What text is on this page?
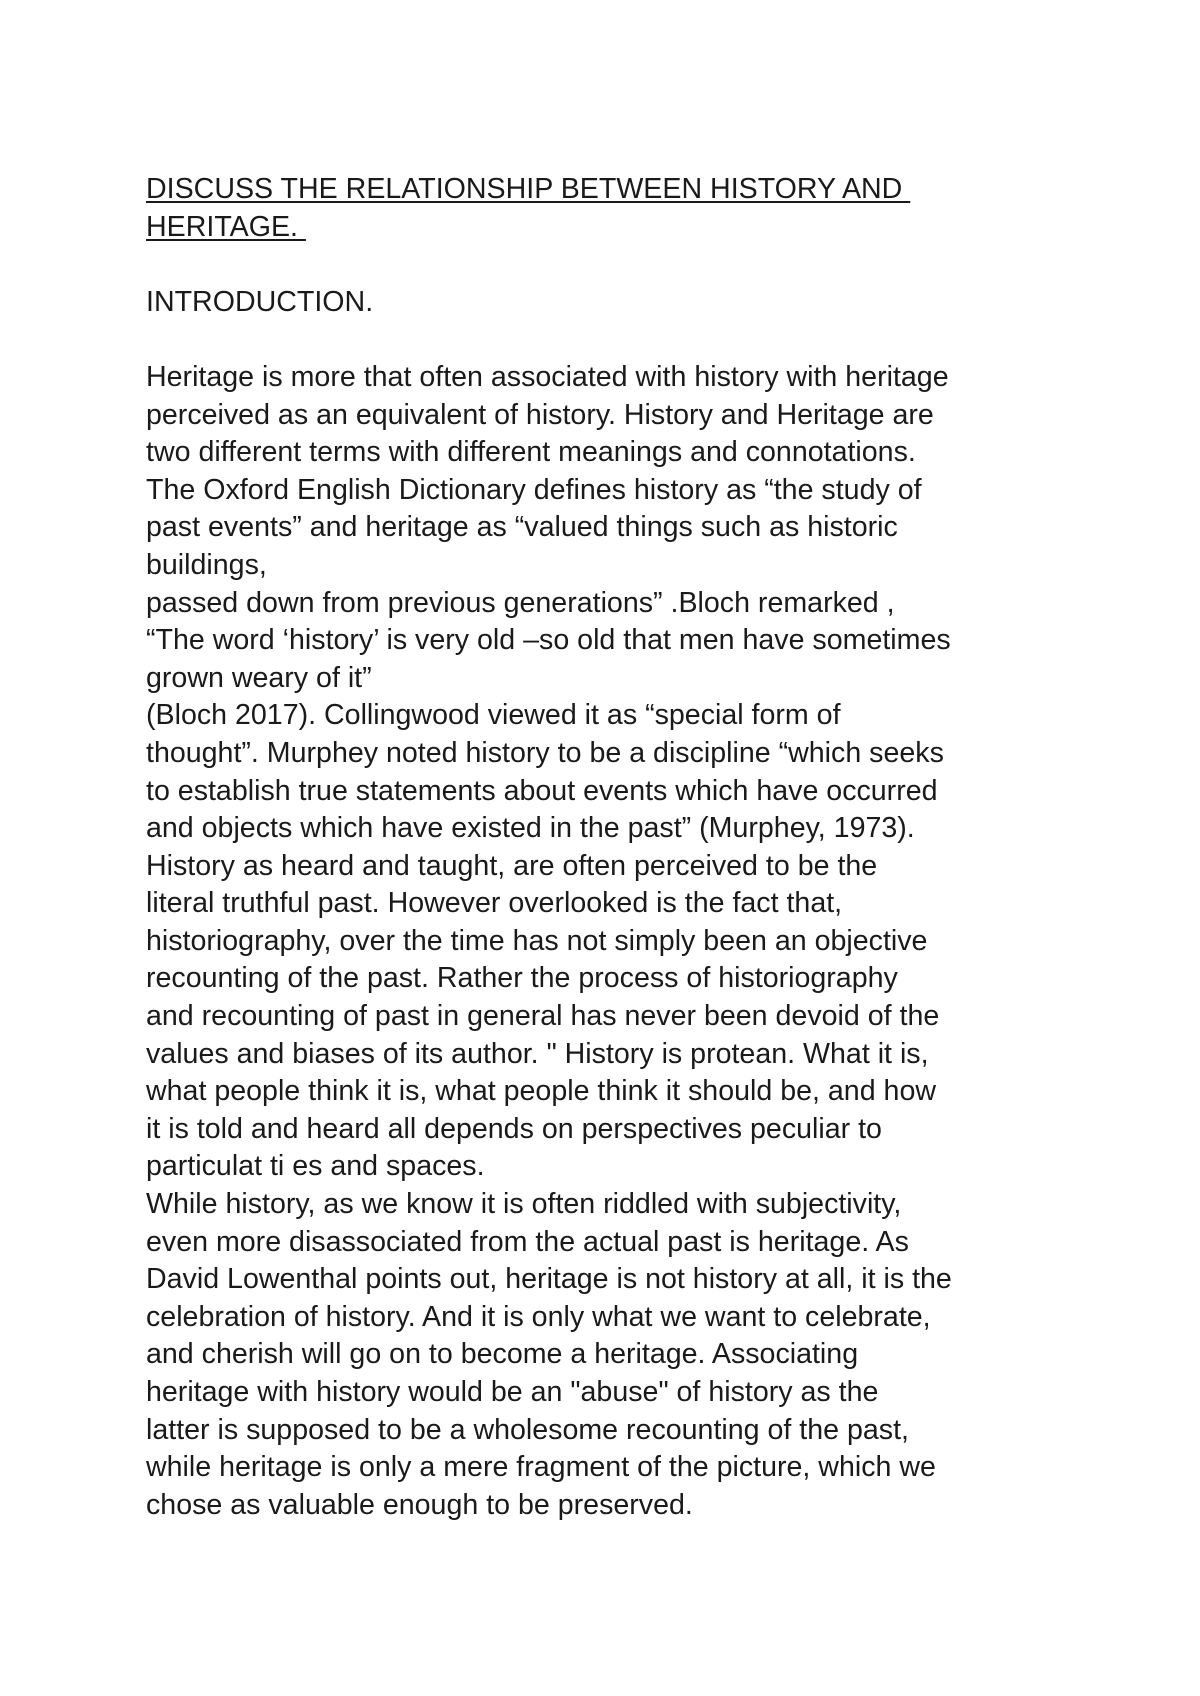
DISCUSS THE RELATIONSHIP BETWEEN HISTORY AND
HERITAGE.
INTRODUCTION.
Heritage is more that often associated with history with heritage
perceived as an equivalent of history. History and Heritage are
two different terms with different meanings and connotations.
The Oxford English Dictionary defines history as “the study of
past events” and heritage as “valued things such as historic
buildings,
passed down from previous generations” .Bloch remarked ,
“The word ‘history’ is very old –so old that men have sometimes
grown weary of it”
(Bloch 2017). Collingwood viewed it as “special form of
thought”. Murphey noted history to be a discipline “which seeks
to establish true statements about events which have occurred
and objects which have existed in the past” (Murphey, 1973).
History as heard and taught, are often perceived to be the
literal truthful past. However overlooked is the fact that,
historiography, over the time has not simply been an objective
recounting of the past. Rather the process of historiography
and recounting of past in general has never been devoid of the
values and biases of its author. " History is protean. What it is,
what people think it is, what people think it should be, and how
it is told and heard all depends on perspectives peculiar to
particulat ti es and spaces.
While history, as we know it is often riddled with subjectivity,
even more disassociated from the actual past is heritage. As
David Lowenthal points out, heritage is not history at all, it is the
celebration of history. And it is only what we want to celebrate,
and cherish will go on to become a heritage. Associating
heritage with history would be an "abuse" of history as the
latter is supposed to be a wholesome recounting of the past,
while heritage is only a mere fragment of the picture, which we
chose as valuable enough to be preserved.
